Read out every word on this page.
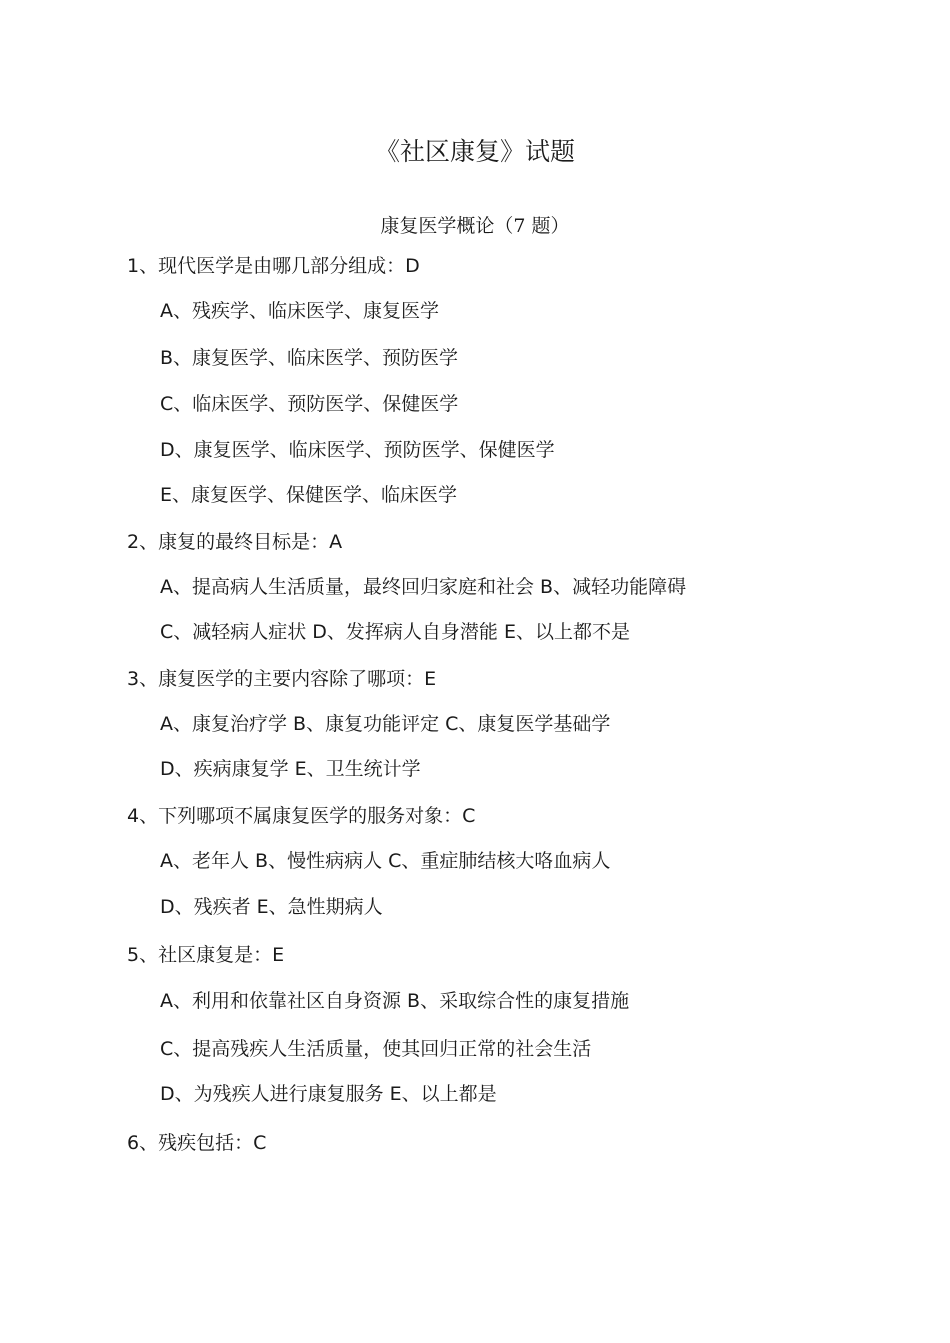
《社区康复》试题
康复医学概论（7 题）
1、现代医学是由哪几部分组成：D
A、残疾学、临床医学、康复医学
B、康复医学、临床医学、预防医学
C、临床医学、预防医学、保健医学
D、康复医学、临床医学、预防医学、保健医学
E、康复医学、保健医学、临床医学
2、康复的最终目标是：A
A、提高病人生活质量，最终回归家庭和社会 B、减轻功能障碍
C、减轻病人症状 D、发挥病人自身潜能 E、以上都不是
3、康复医学的主要内容除了哪项：E
A、康复治疗学 B、康复功能评定 C、康复医学基础学
D、疾病康复学 E、卫生统计学
4、下列哪项不属康复医学的服务对象：C
A、老年人 B、慢性病病人 C、重症肺结核大咯血病人
D、残疾者 E、急性期病人
5、社区康复是：E
A、利用和依靠社区自身资源 B、采取综合性的康复措施
C、提高残疾人生活质量，使其回归正常的社会生活
D、为残疾人进行康复服务 E、以上都是
6、残疾包括：C
